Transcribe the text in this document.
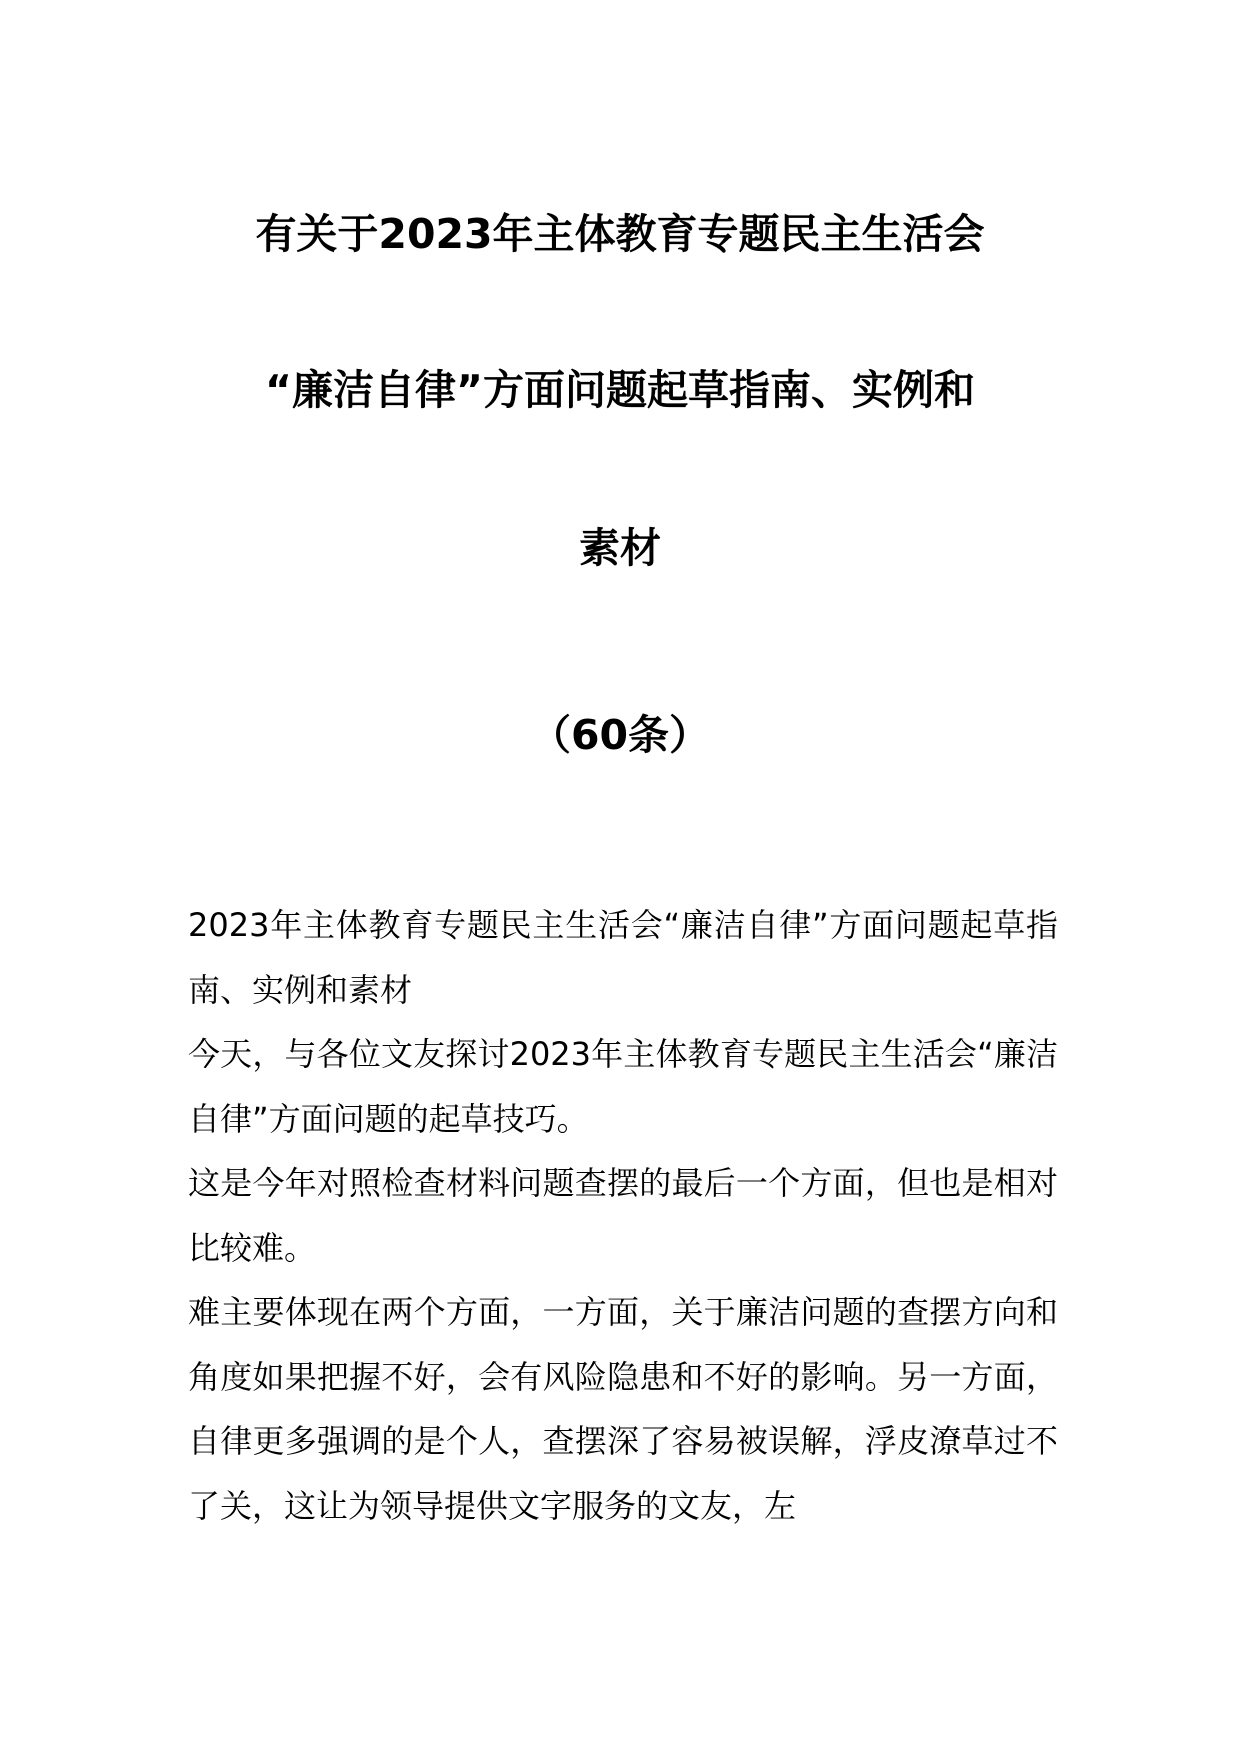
有关于2023年主体教育专题民主生活会
“廉洁自律”方面问题起草指南、实例和
素材
（60条）

2023年主体教育专题民主生活会“廉洁自律”方面问题起草指南、实例和素材

今天，与各位文友探讨2023年主体教育专题民主生活会“廉洁自律”方面问题的起草技巧。

这是今年对照检查材料问题查摆的最后一个方面，但也是相对比较难。

难主要体现在两个方面，一方面，关于廉洁问题的查摆方向和角度如果把握不好，会有风险隐患和不好的影响。另一方面，自律更多强调的是个人，查摆深了容易被误解，浮皮潦草过不了关，这让为领导提供文字服务的文友，左
